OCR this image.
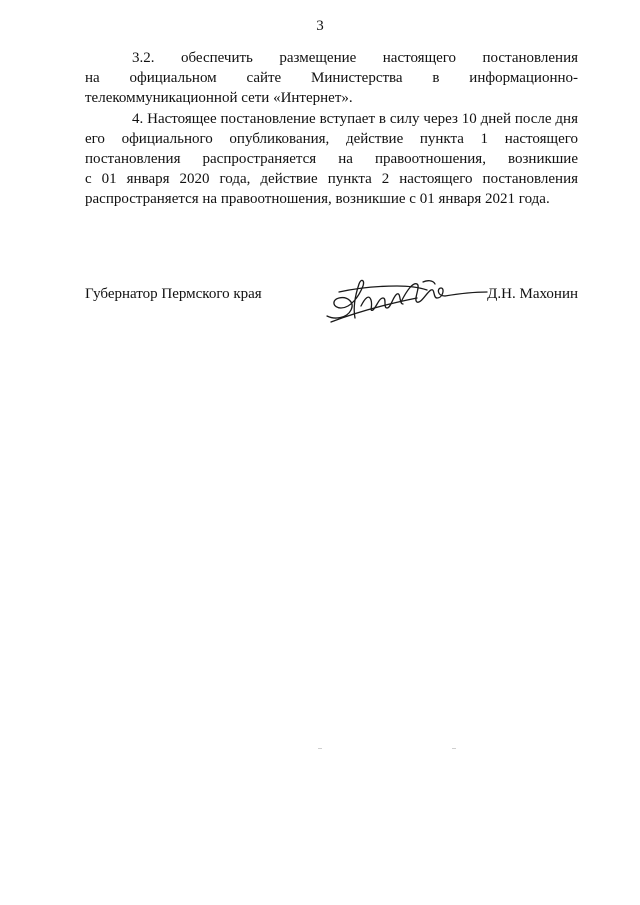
3
3.2. обеспечить размещение настоящего постановления
на официальном сайте Министерства в информационно-
телекоммуникационной сети «Интернет».
4. Настоящее постановление вступает в силу через 10 дней после дня
его официального опубликования, действие пункта 1 настоящего
постановления распространяется на правоотношения, возникшие
с 01 января 2020 года, действие пункта 2 настоящего постановления
распространяется на правоотношения, возникшие с 01 января 2021 года.
Губернатор Пермского края	Д.Н. Махонин
